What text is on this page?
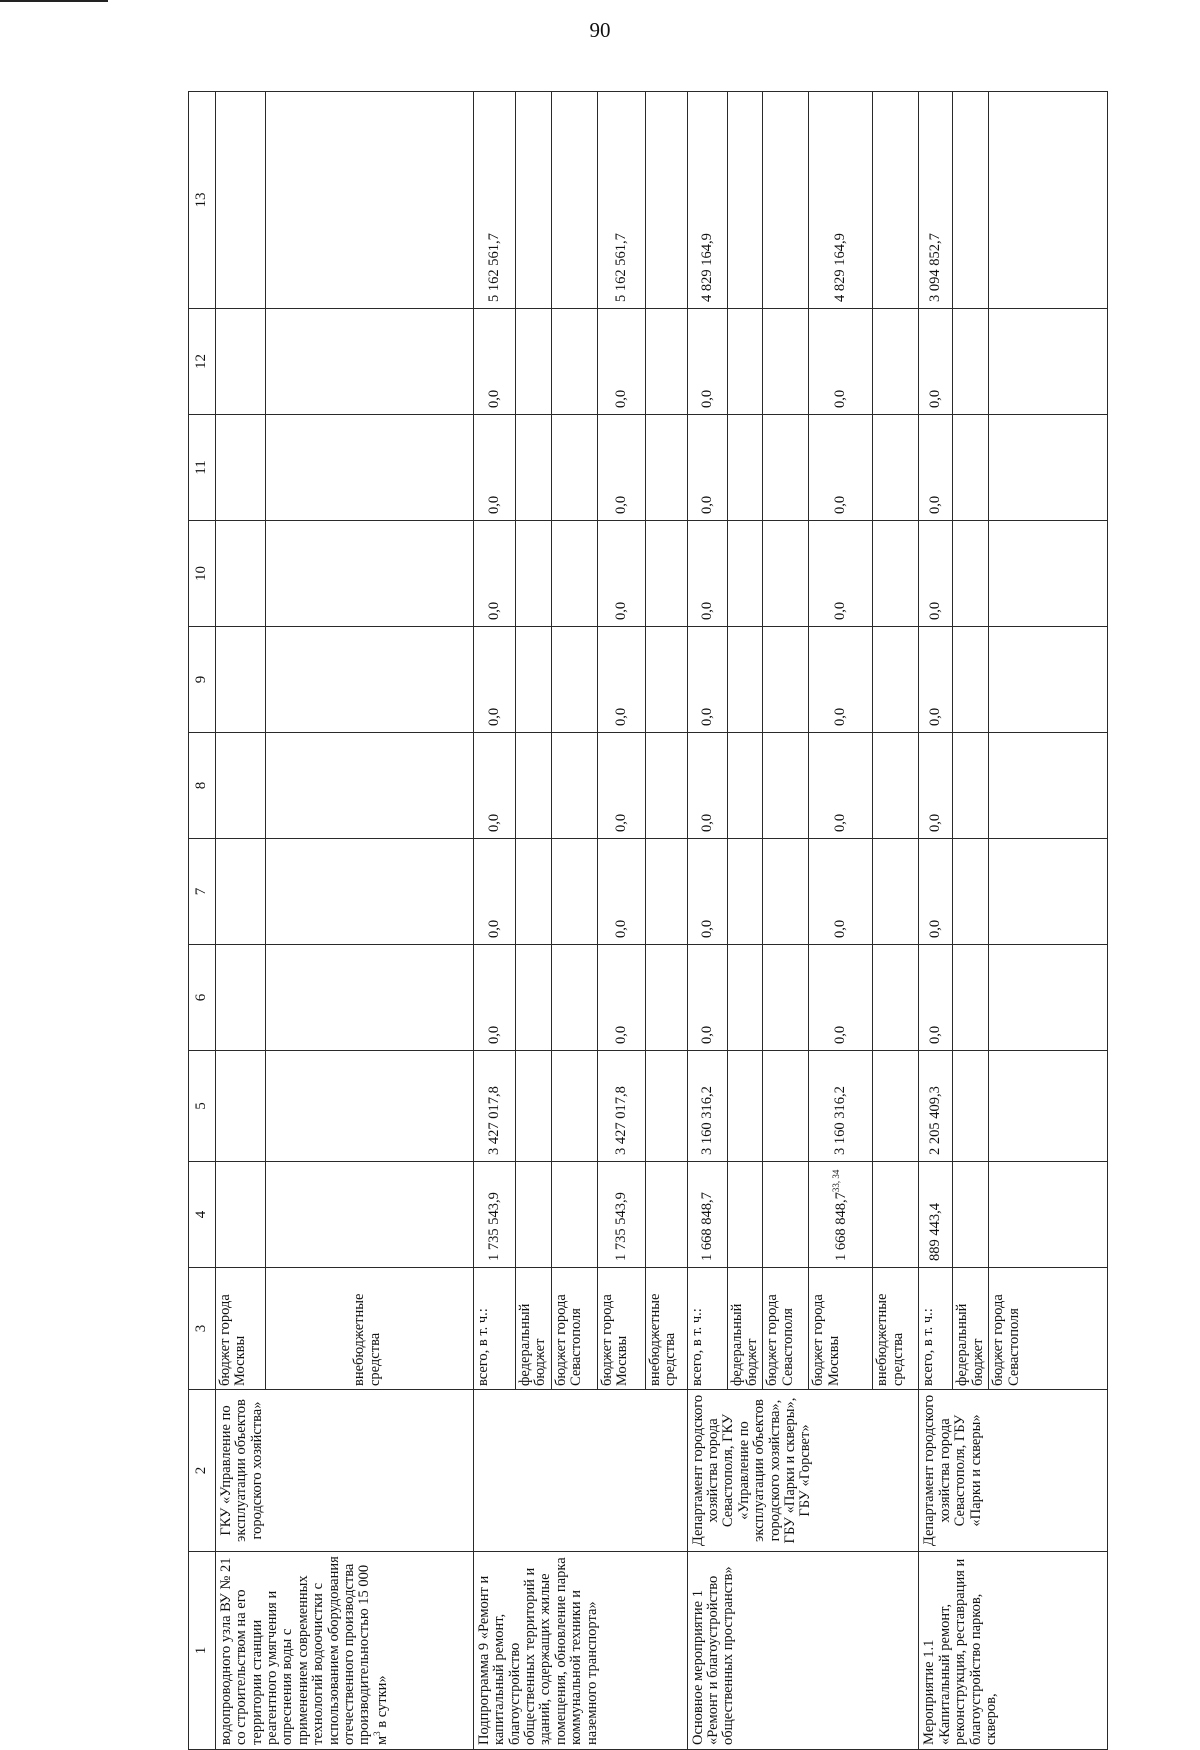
90
1	2	3	4	5	6	7	8	9	10	11	12	13
водопроводного узла ВУ № 21 со строительством на его территории станции реагентного умягчения и опреснения воды с применением современных технологий водоочистки с использованием оборудования отечественного производства производительностью 15 000 $м^3$ в сутки»	ГКУ «Управление по эксплуатации объектов городского хозяйства»	бюджет города Москвы										
		внебюджетные средства										
Подпрограмма 9 «Ремонт и капитальный ремонт, благоустройство общественных территорий и зданий, содержащих жилые помещения, обновление парка коммунальной техники и наземного транспорта»		всего, в т. ч.:	1 735 543,9	3 427 017,8	0,0	0,0	0,0	0,0	0,0	0,0	0,0	5 162 561,7
		федеральный бюджет										
		бюджет города Севастополя										
		бюджет города Москвы	1 735 543,9	3 427 017,8	0,0	0,0	0,0	0,0	0,0	0,0	0,0	5 162 561,7
		внебюджетные средства										
Основное мероприятие 1 «Ремонт и благоустройство общественных пространств»	Департамент городского хозяйства города Севастополя, ГКУ «Управление по эксплуатации объектов городского хозяйства», ГБУ «Парки и скверы», ГБУ «Горсвет»	всего, в т. ч.:	1 668 848,7	3 160 316,2	0,0	0,0	0,0	0,0	0,0	0,0	0,0	4 829 164,9
		федеральный бюджет										
		бюджет города Севастополя										
		бюджет города Москвы	1 668 848,7$^{33, 34}$	3 160 316,2	0,0	0,0	0,0	0,0	0,0	0,0	0,0	4 829 164,9
		внебюджетные средства										
Мероприятие 1.1 «Капитальный ремонт, реконструкция, реставрация и благоустройство парков, скверов,	Департамент городского хозяйства города Севастополя, ГБУ «Парки и скверы»	всего, в т. ч.:	889 443,4	2 205 409,3	0,0	0,0	0,0	0,0	0,0	0,0	0,0	3 094 852,7
		федеральный бюджет										
		бюджет города Севастополя										
